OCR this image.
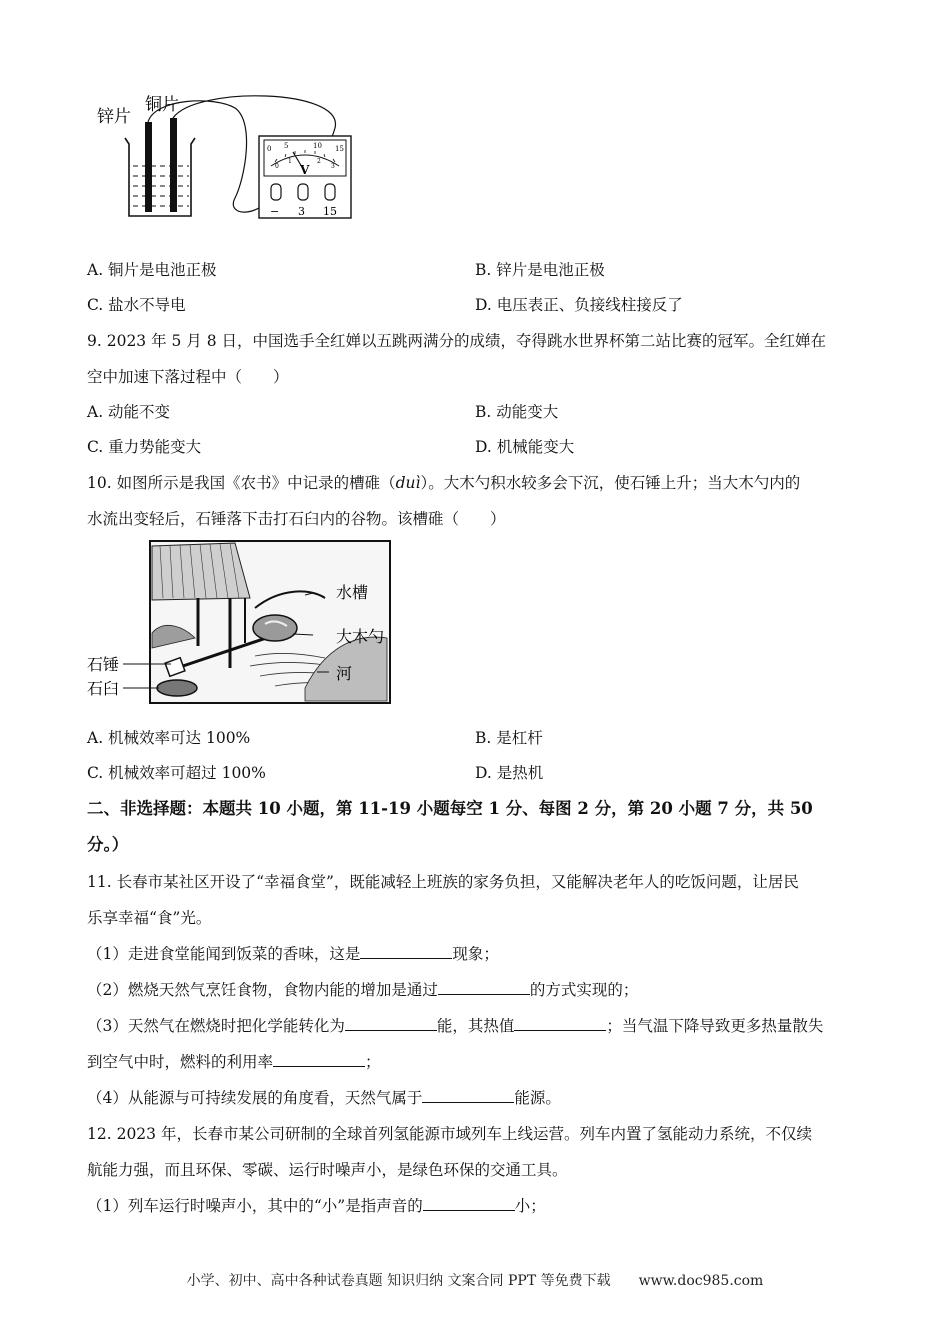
锌片
铜片
0 5	10 15
0
1	2
3
V
− 3 15
A. 铜片是电池正极	B. 锌片是电池正极
C. 盐水不导电	D. 电压表正、负接线柱接反了
9. 2023 年 5 月 8 日，中国选手全红婵以五跳两满分的成绩，夺得跳水世界杯第二站比赛的冠军。全红婵在
空中加速下落过程中（　　）
A. 动能不变	B. 动能变大
C. 重力势能变大	D. 机械能变大
10. 如图所示是我国《农书》中记录的槽碓（duì）。大木勺积水较多会下沉，使石锤上升；当大木勺内的
水流出变轻后，石锤落下击打石臼内的谷物。该槽碓（　　）
水槽
大木勺
河
石锤
石臼
A. 机械效率可达 100%	B. 是杠杆
C. 机械效率可超过 100%	D. 是热机
二、非选择题：本题共 10 小题，第 11-19 小题每空 1 分、每图 2 分，第 20 小题 7 分，共 50
分。）
11. 长春市某社区开设了“幸福食堂”，既能减轻上班族的家务负担，又能解决老年人的吃饭问题，让居民
乐享幸福“食”光。
（1）走进食堂能闻到饭菜的香味，这是	现象；
（2）燃烧天然气烹饪食物，食物内能的增加是通过	的方式实现的；
（3）天然气在燃烧时把化学能转化为	能，其热值	；当气温下降导致更多热量散失
到空气中时，燃料的利用率	；
（4）从能源与可持续发展的角度看，天然气属于	能源。
12. 2023 年，长春市某公司研制的全球首列氢能源市域列车上线运营。列车内置了氢能动力系统，不仅续
航能力强，而且环保、零碳、运行时噪声小，是绿色环保的交通工具。
（1）列车运行时噪声小，其中的“小”是指声音的	小；
小学、初中、高中各种试卷真题 知识归纳 文案合同 PPT 等免费下载　　www.doc985.com
